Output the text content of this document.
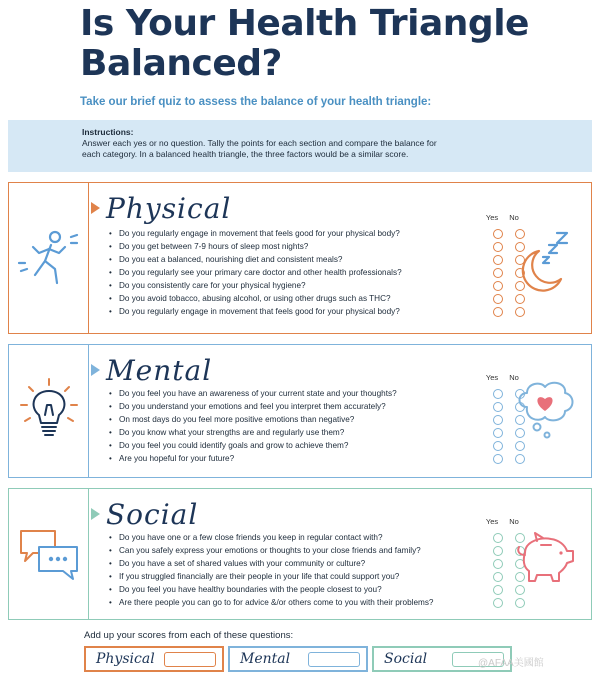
Is Your Health Triangle Balanced?
Take our brief quiz to assess the balance of your health triangle:
Instructions:
Answer each yes or no question. Tally the points for each section and compare the balance for
each category. In a balanced health triangle, the three factors would be a similar score.
Physical	Yes	No
• Do you regularly engage in movement that feels good for your physical body?
• Do you get between 7-9 hours of sleep most nights?
• Do you eat a balanced, nourishing diet and consistent meals?
• Do you regularly see your primary care doctor and other health professionals?
• Do you consistently care for your physical hygiene?
• Do you avoid tobacco, abusing alcohol, or using other drugs such as THC?
• Do you regularly engage in movement that feels good for your physical body?
Mental	Yes	No
• Do you feel you have an awareness of your current state and your thoughts?
• Do you understand your emotions and feel you interpret them accurately?
• On most days do you feel more positive emotions than negative?
• Do you know what your strengths are and regularly use them?
• Do you feel you could identify goals and grow to achieve them?
• Are you hopeful for your future?
Social	Yes	No
• Do you have one or a few close friends you keep in regular contact with?
• Can you safely express your emotions or thoughts to your close friends and family?
• Do you have a set of shared values with your community or culture?
• If you struggled financially are their people in your life that could support you?
• Do you feel you have healthy boundaries with the people closest to you?
• Are there people you can go to for advice &/or others come to you with their problems?
Add up your scores from each of these questions:
Physical	Mental	Social	@AFAA美國館
